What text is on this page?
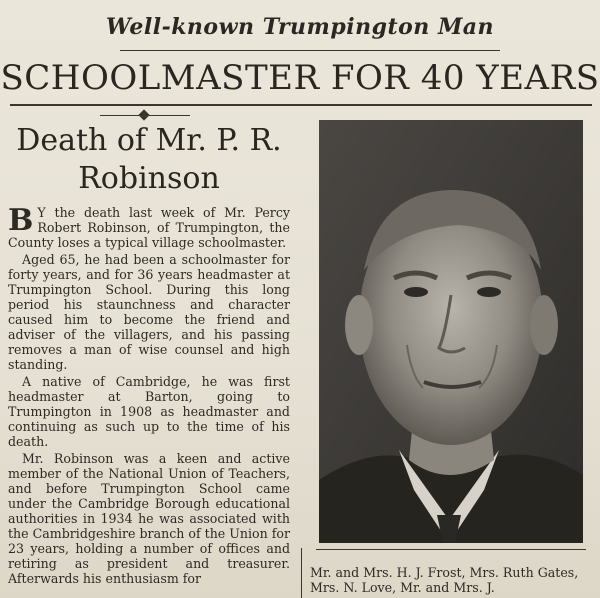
Well-known Trumpington Man
SCHOOLMASTER FOR 40 YEARS
Death of Mr. P. R. Robinson

B Y the death last week of Mr. Percy Robert Robinson, of Trumpington, the County loses a typical village schoolmaster.

Aged 65, he had been a schoolmaster for forty years, and for 36 years headmaster at Trumpington School. During this long period his staunchness and character caused him to become the friend and adviser of the villagers, and his passing removes a man of wise counsel and high standing.

A native of Cambridge, he was first headmaster at Barton, going to Trumpington in 1908 as headmaster and continuing as such up to the time of his death.

Mr. Robinson was a keen and active member of the National Union of Teachers, and before Trumpington School came under the Cambridge Borough educational authorities in 1934 he was associated with the Cambridgeshire branch of the Union for 23 years, holding a number of offices and retiring as president and treasurer. Afterwards his enthusiasm for	Mr. and Mrs. H. J. Frost, Mrs. Ruth Gates, Mrs. N. Love, Mr. and Mrs. J.
